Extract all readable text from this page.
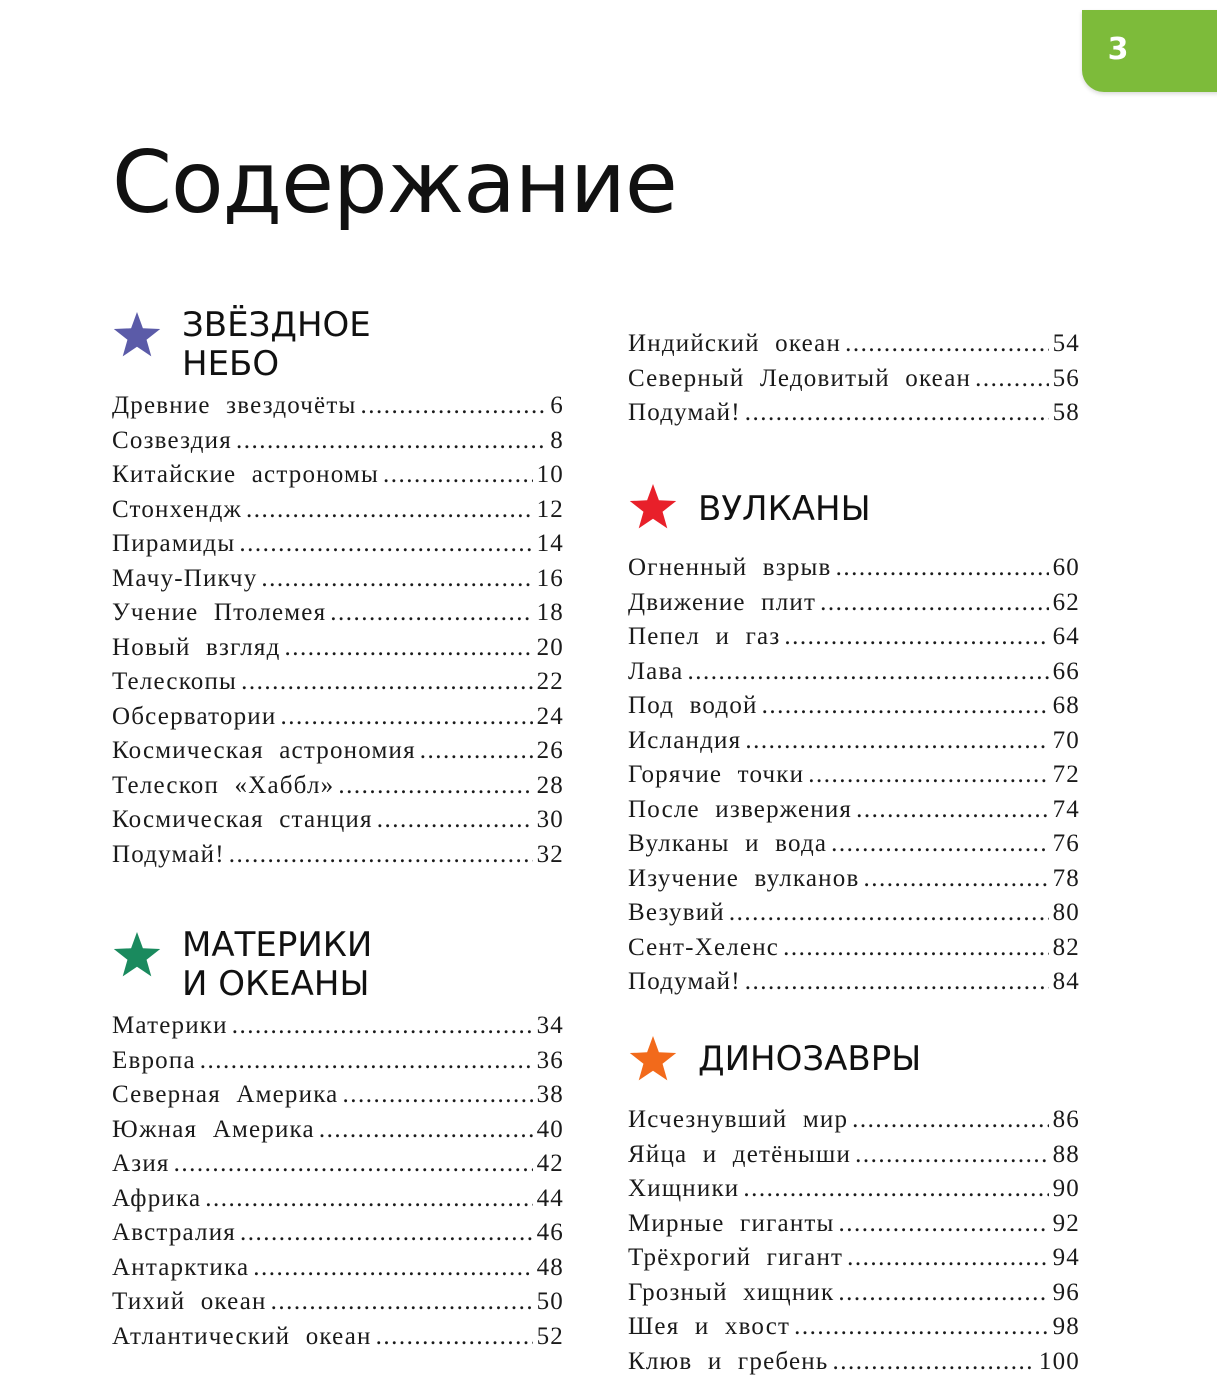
3
Содержание
ЗВЁЗДНОЕ
НЕБО
Древние звездочёты .....	6
Созвездия .....	8
Китайские астрономы .....	10
Стонхендж .....	12
Пирамиды .....	14
Мачу-Пикчу .....	16
Учение Птолемея .....	18
Новый взгляд .....	20
Телескопы .....	22
Обсерватории .....	24
Космическая астрономия .....	26
Телескоп «Хаббл» .....	28
Космическая станция .....	30
Подумай! .....	32
МАТЕРИКИ
И ОКЕАНЫ
Материки .....	34
Европа .....	36
Северная Америка .....	38
Южная Америка .....	40
Азия .....	42
Африка .....	44
Австралия .....	46
Антарктика .....	48
Тихий океан .....	50
Атлантический океан .....	52
Индийский океан .....	54
Северный Ледовитый океан .....	56
Подумай! .....	58
ВУЛКАНЫ
Огненный взрыв .....	60
Движение плит .....	62
Пепел и газ .....	64
Лава .....	66
Под водой .....	68
Исландия .....	70
Горячие точки .....	72
После извержения .....	74
Вулканы и вода .....	76
Изучение вулканов .....	78
Везувий .....	80
Сент-Хеленс .....	82
Подумай! .....	84
ДИНОЗАВРЫ
Исчезнувший мир .....	86
Яйца и детёныши .....	88
Хищники .....	90
Мирные гиганты .....	92
Трёхрогий гигант .....	94
Грозный хищник .....	96
Шея и хвост .....	98
Клюв и гребень .....	100
